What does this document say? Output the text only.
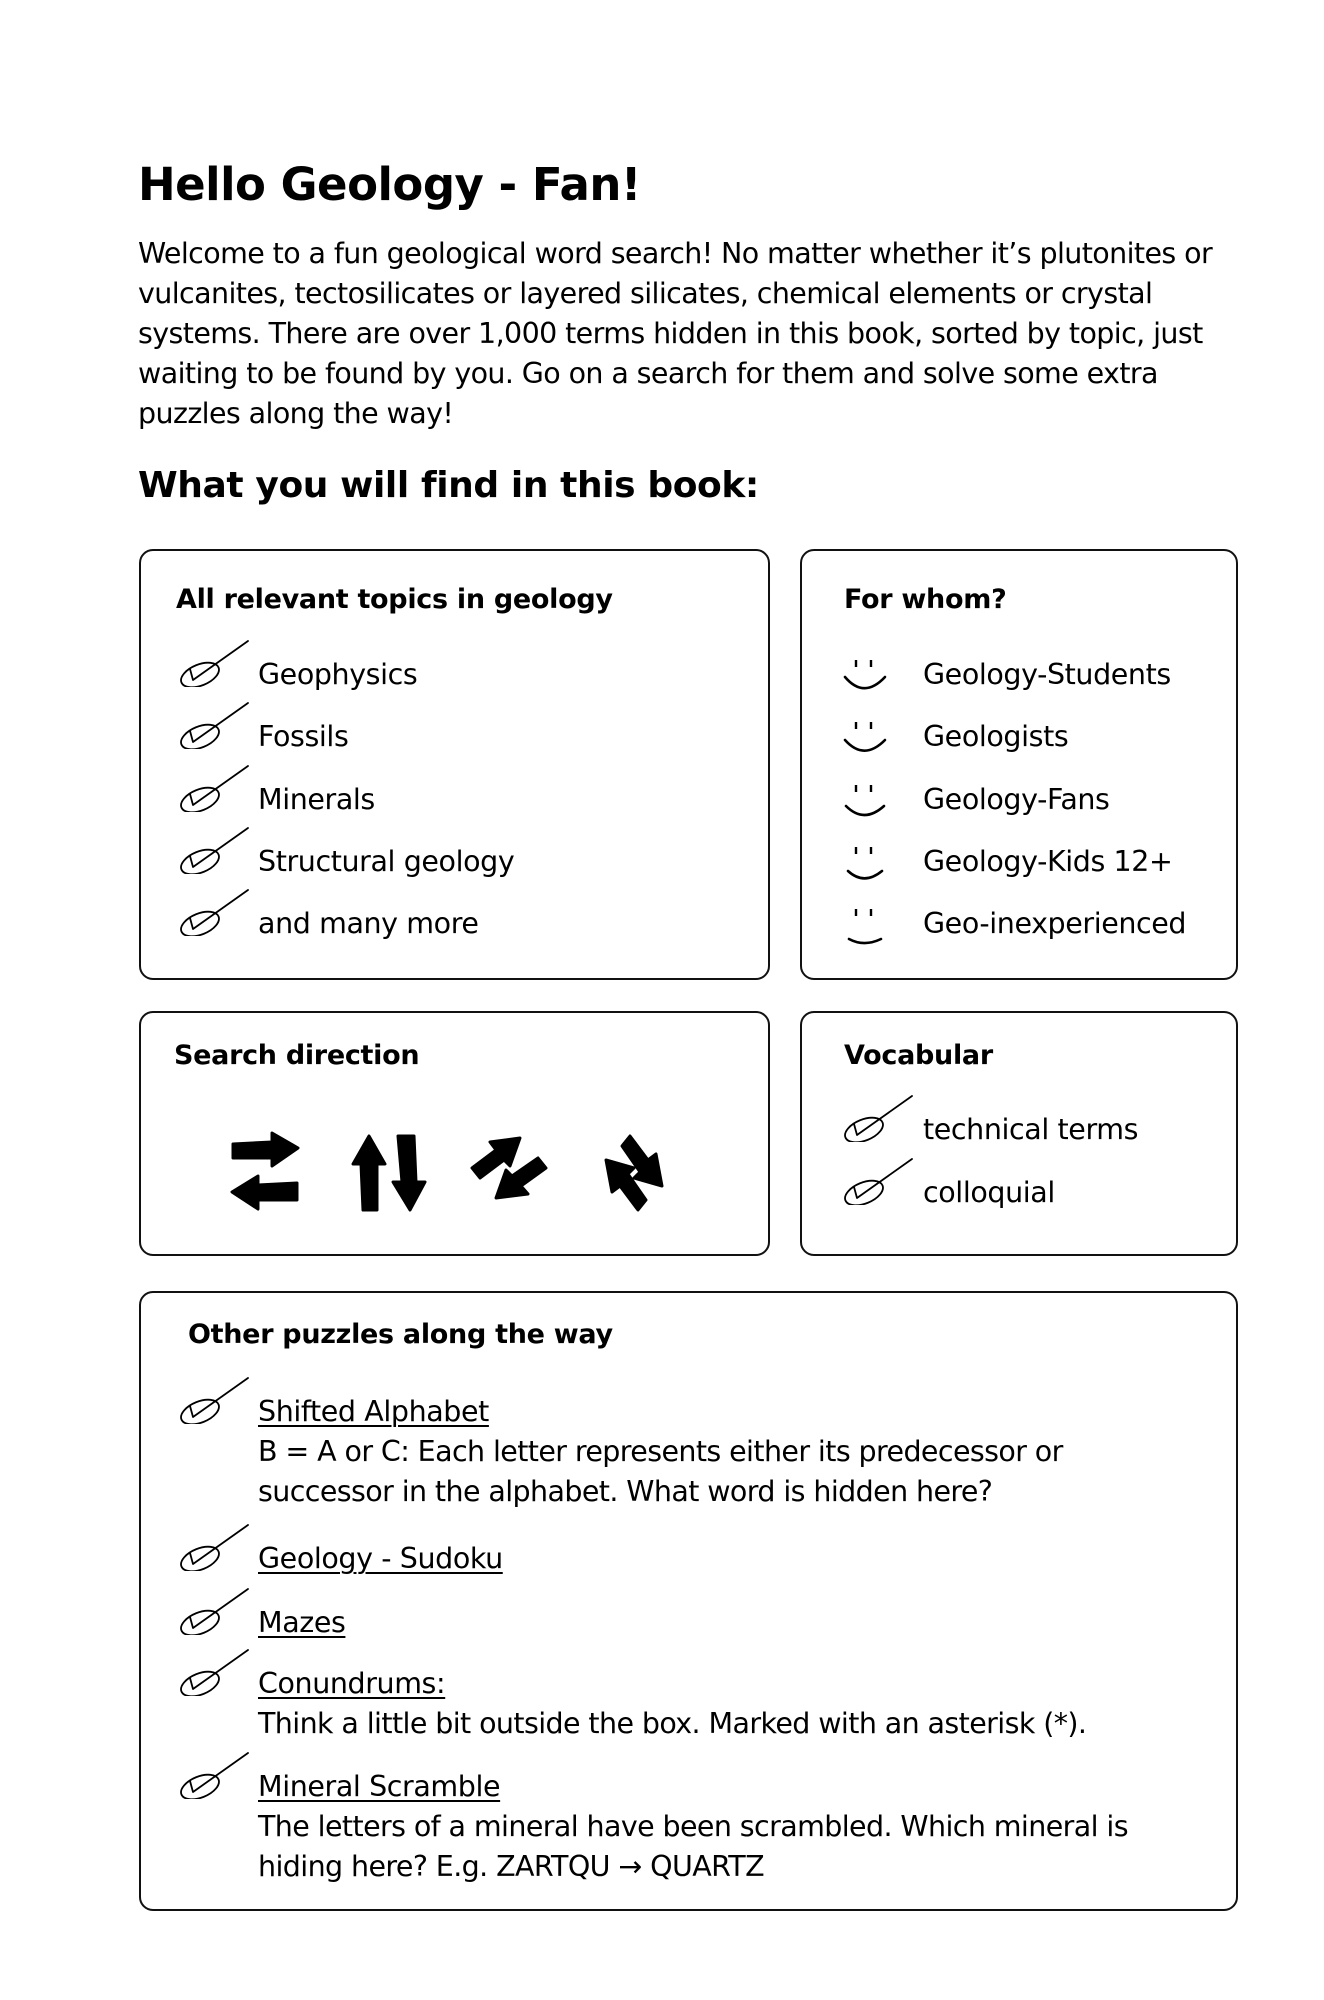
Hello Geology - Fan!
Welcome to a fun geological word search! No matter whether it’s plutonites or
vulcanites, tectosilicates or layered silicates, chemical elements or crystal
systems. There are over 1,000 terms hidden in this book, sorted by topic, just
waiting to be found by you. Go on a search for them and solve some extra
puzzles along the way!
What you will find in this book:
All relevant topics in geology
Geophysics
Fossils
Minerals
Structural geology
and many more
For whom?
Geology-Students
Geologists
Geology-Fans
Geology-Kids 12+
Geo-inexperienced
Search direction	Vocabular
technical terms
colloquial
Other puzzles along the way
Shifted Alphabet
B = A or C: Each letter represents either its predecessor or
successor in the alphabet. What word is hidden here?
Geology - Sudoku
Mazes
Conundrums:
Think a little bit outside the box. Marked with an asterisk (*).
Mineral Scramble
The letters of a mineral have been scrambled. Which mineral is
hiding here? E.g. ZARTQU → QUARTZ
